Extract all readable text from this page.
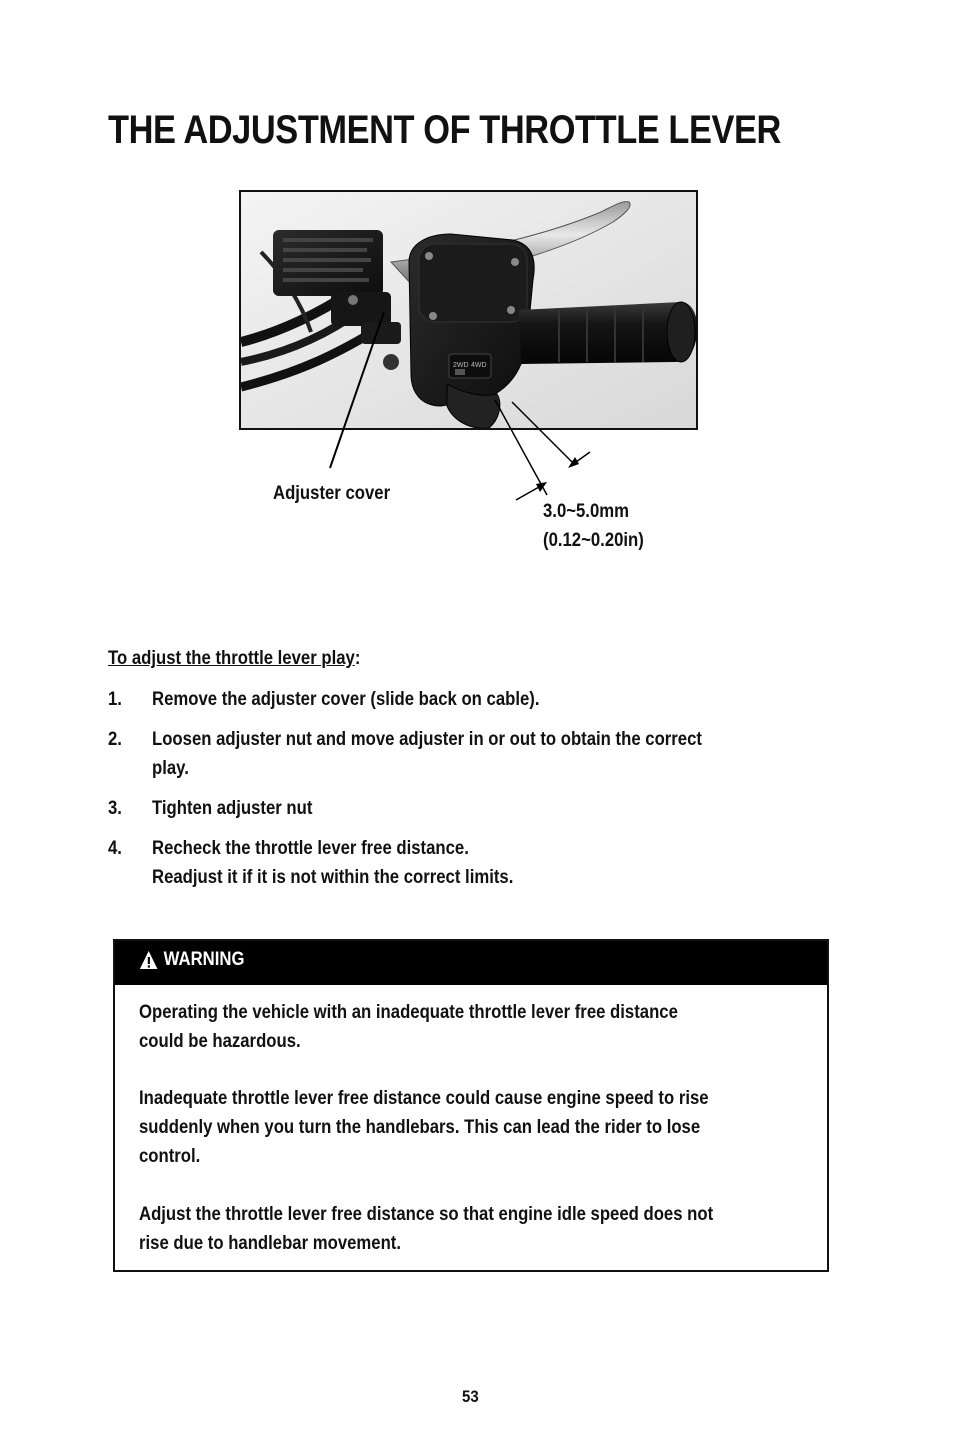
THE ADJUSTMENT OF THROTTLE LEVER
2WD 4WD
Adjuster cover
3.0~5.0mm
(0.12~0.20in)
To adjust the throttle lever play:
1. Remove the adjuster cover (slide back on cable).
2. Loosen adjuster nut and move adjuster in or out to obtain the correct
play.
3. Tighten adjuster nut
4. Recheck the throttle lever free distance.
Readjust it if it is not within the correct limits.
WARNING

Operating the vehicle with an inadequate throttle lever free distance
could be hazardous.

Inadequate throttle lever free distance could cause engine speed to rise
suddenly when you turn the handlebars. This can lead the rider to lose
control.

Adjust the throttle lever free distance so that engine idle speed does not
rise due to handlebar movement.

53
